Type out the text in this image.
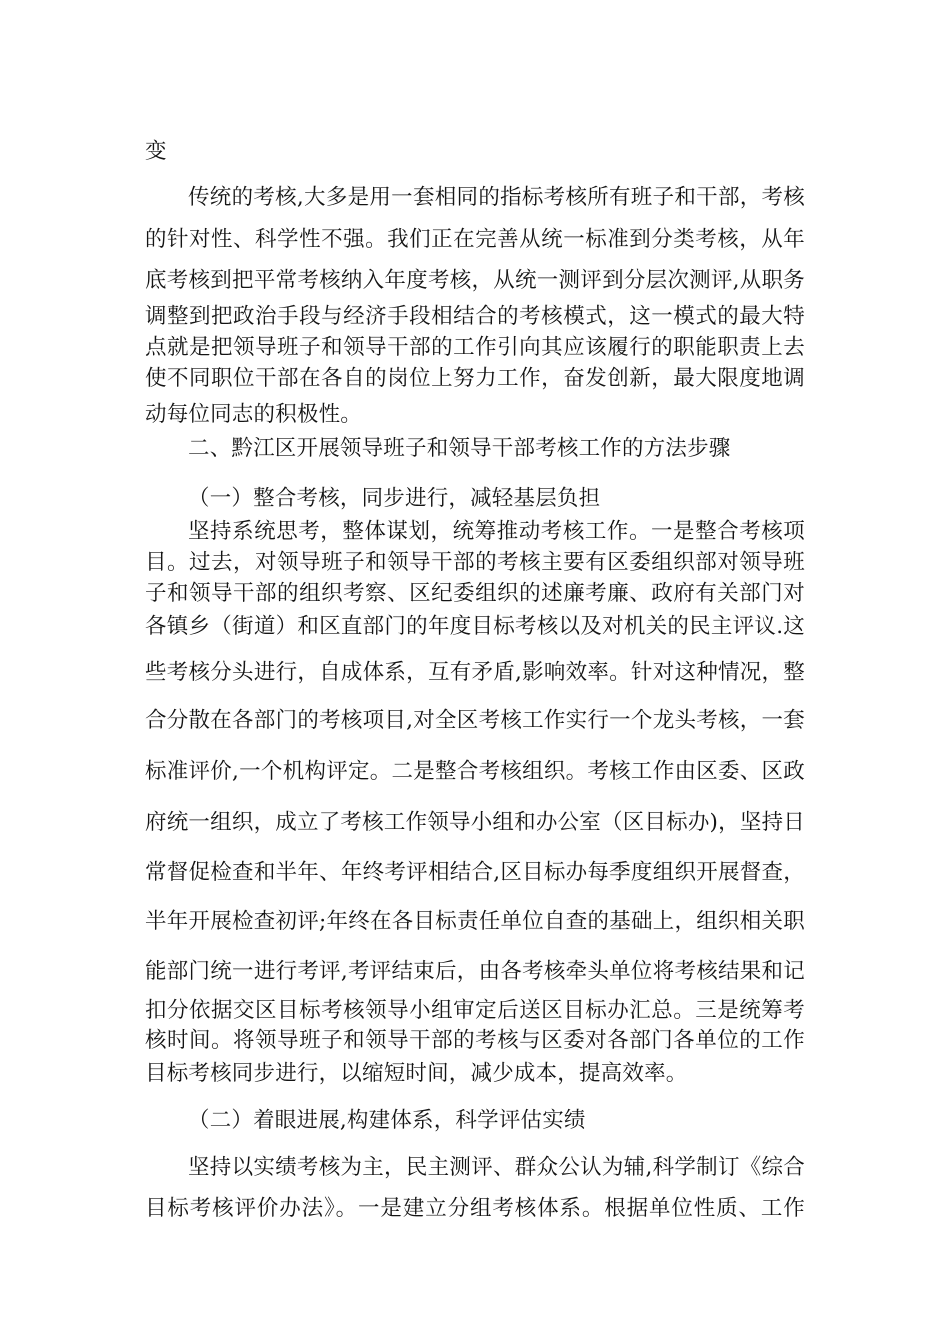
变
传统的考核,大多是用一套相同的指标考核所有班子和干部，考核
的针对性、科学性不强。我们正在完善从统一标准到分类考核，从年
底考核到把平常考核纳入年度考核，从统一测评到分层次测评,从职务
调整到把政治手段与经济手段相结合的考核模式，这一模式的最大特
点就是把领导班子和领导干部的工作引向其应该履行的职能职责上去
使不同职位干部在各自的岗位上努力工作，奋发创新，最大限度地调
动每位同志的积极性。
二、黔江区开展领导班子和领导干部考核工作的方法步骤
（一）整合考核，同步进行，减轻基层负担
坚持系统思考，整体谋划，统筹推动考核工作。一是整合考核项
目。过去，对领导班子和领导干部的考核主要有区委组织部对领导班
子和领导干部的组织考察、区纪委组织的述廉考廉、政府有关部门对
各镇乡（街道）和区直部门的年度目标考核以及对机关的民主评议.这
些考核分头进行，自成体系，互有矛盾,影响效率。针对这种情况，整
合分散在各部门的考核项目,对全区考核工作实行一个龙头考核，一套
标准评价,一个机构评定。二是整合考核组织。考核工作由区委、区政
府统一组织，成立了考核工作领导小组和办公室（区目标办)，坚持日
常督促检查和半年、年终考评相结合,区目标办每季度组织开展督查，
半年开展检查初评;年终在各目标责任单位自查的基础上，组织相关职
能部门统一进行考评,考评结束后，由各考核牵头单位将考核结果和记
扣分依据交区目标考核领导小组审定后送区目标办汇总。三是统筹考
核时间。将领导班子和领导干部的考核与区委对各部门各单位的工作
目标考核同步进行，以缩短时间，减少成本，提高效率。
（二）着眼进展,构建体系，科学评估实绩
坚持以实绩考核为主，民主测评、群众公认为辅,科学制订《综合
目标考核评价办法》。一是建立分组考核体系。根据单位性质、工作
